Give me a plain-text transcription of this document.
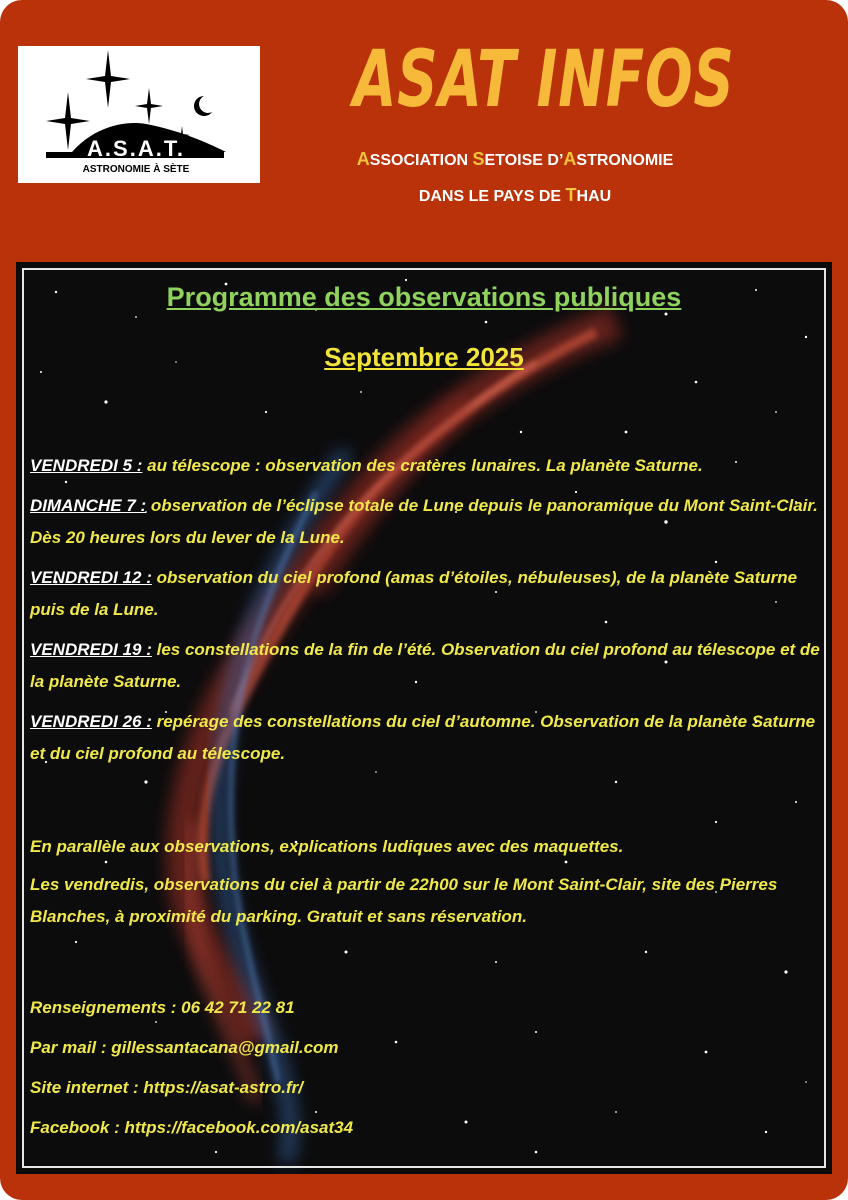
A.S.A.T.
ASTRONOMIE À SÈTE
ASAT INFOS
ASSOCIATION SETOISE D’ASTRONOMIE
DANS LE PAYS DE THAU
Programme des observations publiques
Septembre 2025

VENDREDI 5 : au télescope : observation des cratères lunaires. La planète Saturne.

DIMANCHE 7 : observation de l’éclipse totale de Lune depuis le panoramique du Mont Saint-Clair. Dès 20 heures lors du lever de la Lune.

VENDREDI 12 : observation du ciel profond (amas d’étoiles, nébuleuses), de la planète Saturne puis de la Lune.

VENDREDI 19 : les constellations de la fin de l’été. Observation du ciel profond au télescope et de la planète Saturne.

VENDREDI 26 : repérage des constellations du ciel d’automne. Observation de la planète Saturne et du ciel profond au télescope.

En parallèle aux observations, explications ludiques avec des maquettes.

Les vendredis, observations du ciel à partir de 22h00 sur le Mont Saint-Clair, site des Pierres Blanches, à proximité du parking. Gratuit et sans réservation.

Renseignements : 06 42 71 22 81

Par mail : gillessantacana@gmail.com

Site internet : https://asat-astro.fr/

Facebook : https://facebook.com/asat34
